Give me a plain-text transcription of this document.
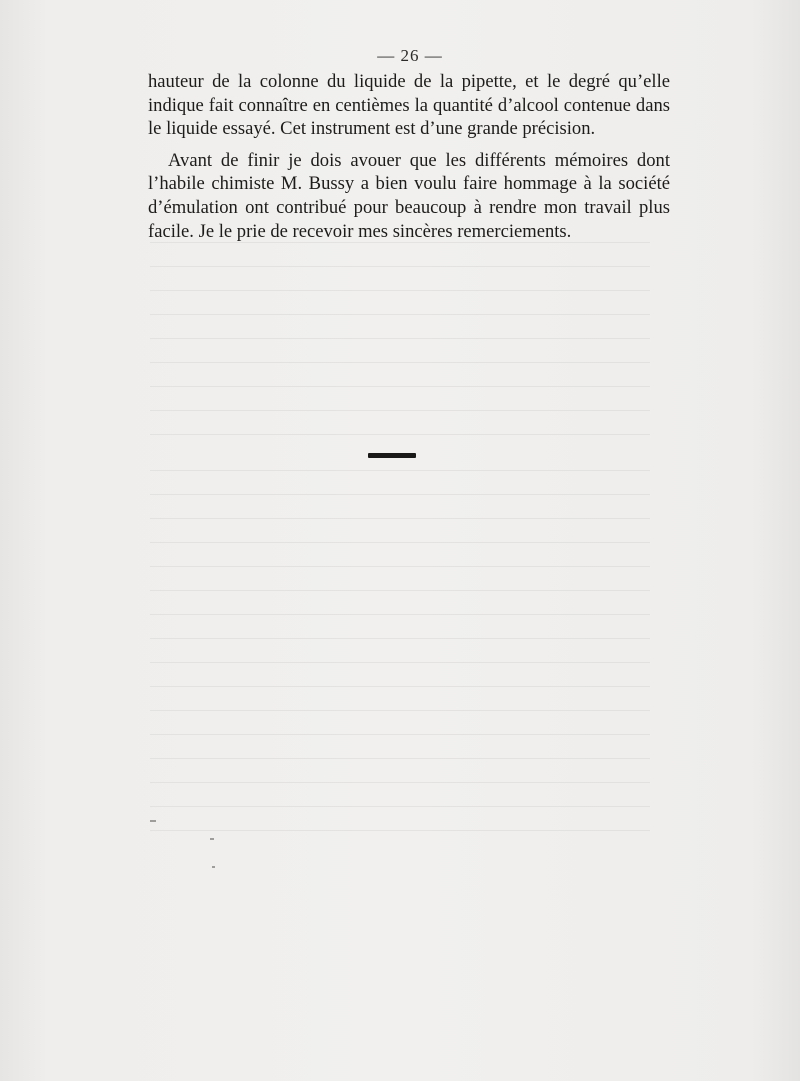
— 26 —

hauteur de la colonne du liquide de la pipette, et le degré qu’elle indique fait connaître en centièmes la quantité d’alcool contenue dans le liquide essayé. Cet instrument est d’une grande précision.

Avant de finir je dois avouer que les différents mémoires dont l’habile chimiste M. Bussy a bien voulu faire hommage à la société d’émulation ont contribué pour beaucoup à rendre mon travail plus facile. Je le prie de recevoir mes sincères remerciements.
